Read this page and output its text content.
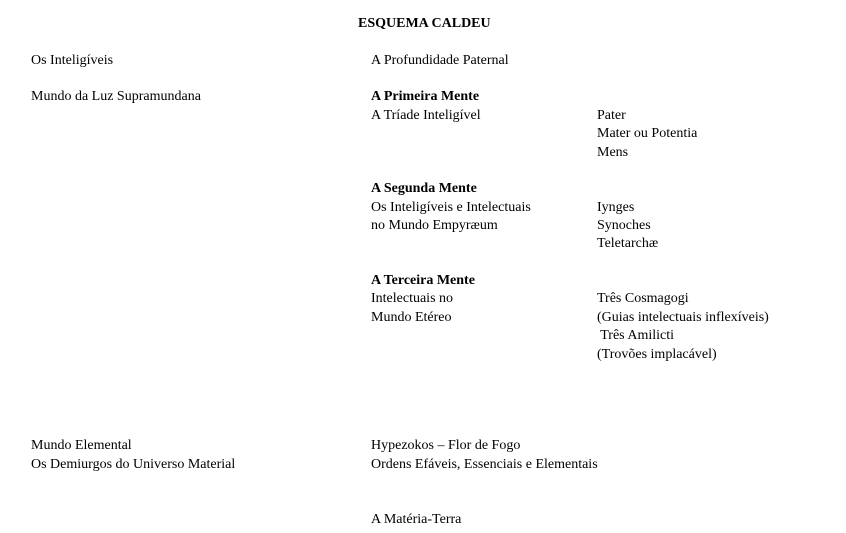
ESQUEMA CALDEU
Os Inteligíveis
Mundo da Luz Supramundana
Mundo Elemental
Os Demiurgos do Universo Material
A Profundidade Paternal
A Primeira Mente
A Tríade Inteligível
A Segunda Mente
Os Inteligíveis e Intelectuais
no Mundo Empyræum
A Terceira Mente
Intelectuais no
Mundo Etéreo
Hypezokos – Flor de Fogo
Ordens Efáveis, Essenciais e Elementais
A Matéria-Terra
Pater
Mater ou Potentia
Mens
Iynges
Synoches
Teletarchæ
Três Cosmagogi
(Guias intelectuais inflexíveis)
Três Amilicti
(Trovões implacável)
